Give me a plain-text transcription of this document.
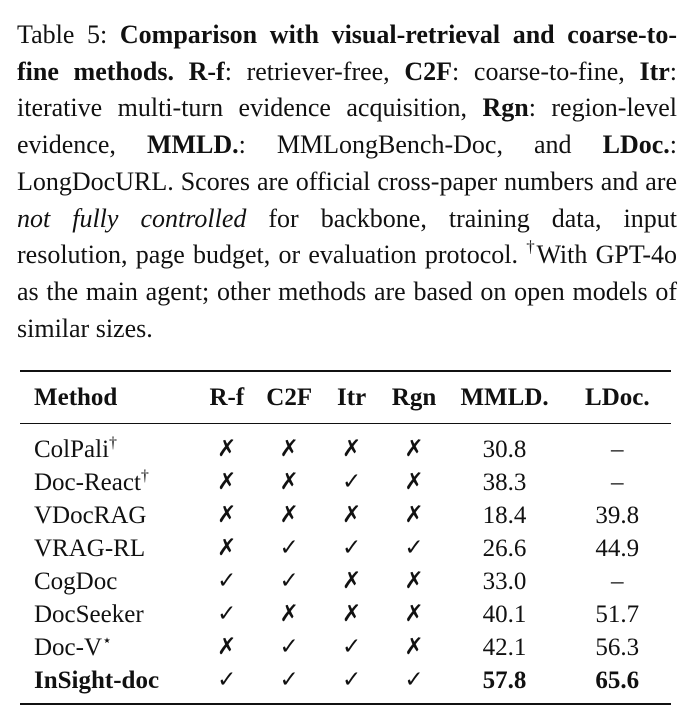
Table 5: Comparison with visual-retrieval and coarse-to-fine methods. R-f: retriever-free, C2F: coarse-to-fine, Itr: iterative multi-turn evidence acquisition, Rgn: region-level evidence, MMLD.: MMLongBench-Doc, and LDoc.: LongDocURL. Scores are official cross-paper numbers and are not fully controlled for backbone, training data, input resolution, page budget, or evaluation protocol. †With GPT-4o as the main agent; other methods are based on open models of similar sizes.
Method	R-f	C2F	Itr	Rgn	MMLD.	LDoc.
ColPali†	✗	✗	✗	✗	30.8	–
Doc-React†	✗	✗	✓	✗	38.3	–
VDocRAG	✗	✗	✗	✗	18.4	39.8
VRAG-RL	✗	✓	✓	✓	26.6	44.9
CogDoc	✓	✓	✗	✗	33.0	–
DocSeeker	✓	✗	✗	✗	40.1	51.7
Doc-V⋆	✗	✓	✓	✗	42.1	56.3
InSight-doc	✓	✓	✓	✓	57.8	65.6
